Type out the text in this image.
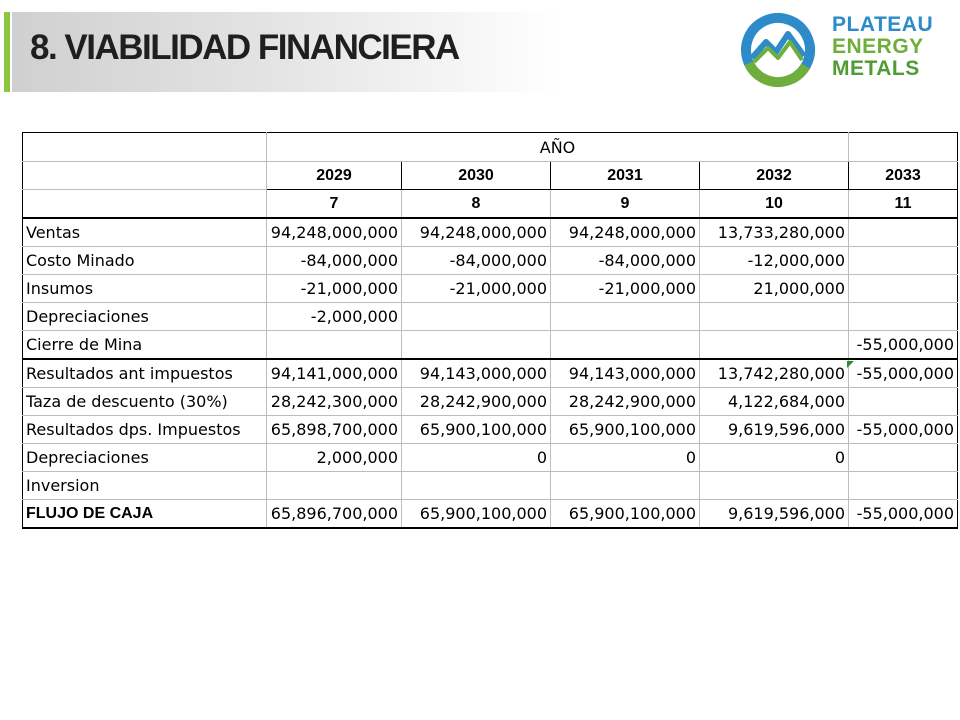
8. VIABILIDAD FINANCIERA
PLATEAU
ENERGY
METALS
	AÑO				
	2029	2030	2031	2032	2033
	7	8	9	10	11
Ventas	94,248,000,000	94,248,000,000	94,248,000,000	13,733,280,000	
Costo Minado	-84,000,000	-84,000,000	-84,000,000	-12,000,000	
Insumos	-21,000,000	-21,000,000	-21,000,000	21,000,000	
Depreciaciones	-2,000,000				
Cierre de Mina					-55,000,000
Resultados ant impuestos	94,141,000,000	94,143,000,000	94,143,000,000	13,742,280,000	-55,000,000
Taza de descuento (30%)	28,242,300,000	28,242,900,000	28,242,900,000	4,122,684,000	
Resultados dps. Impuestos	65,898,700,000	65,900,100,000	65,900,100,000	9,619,596,000	-55,000,000
Depreciaciones	2,000,000	0	0	0	
Inversion					
FLUJO DE CAJA	65,896,700,000	65,900,100,000	65,900,100,000	9,619,596,000	-55,000,000
